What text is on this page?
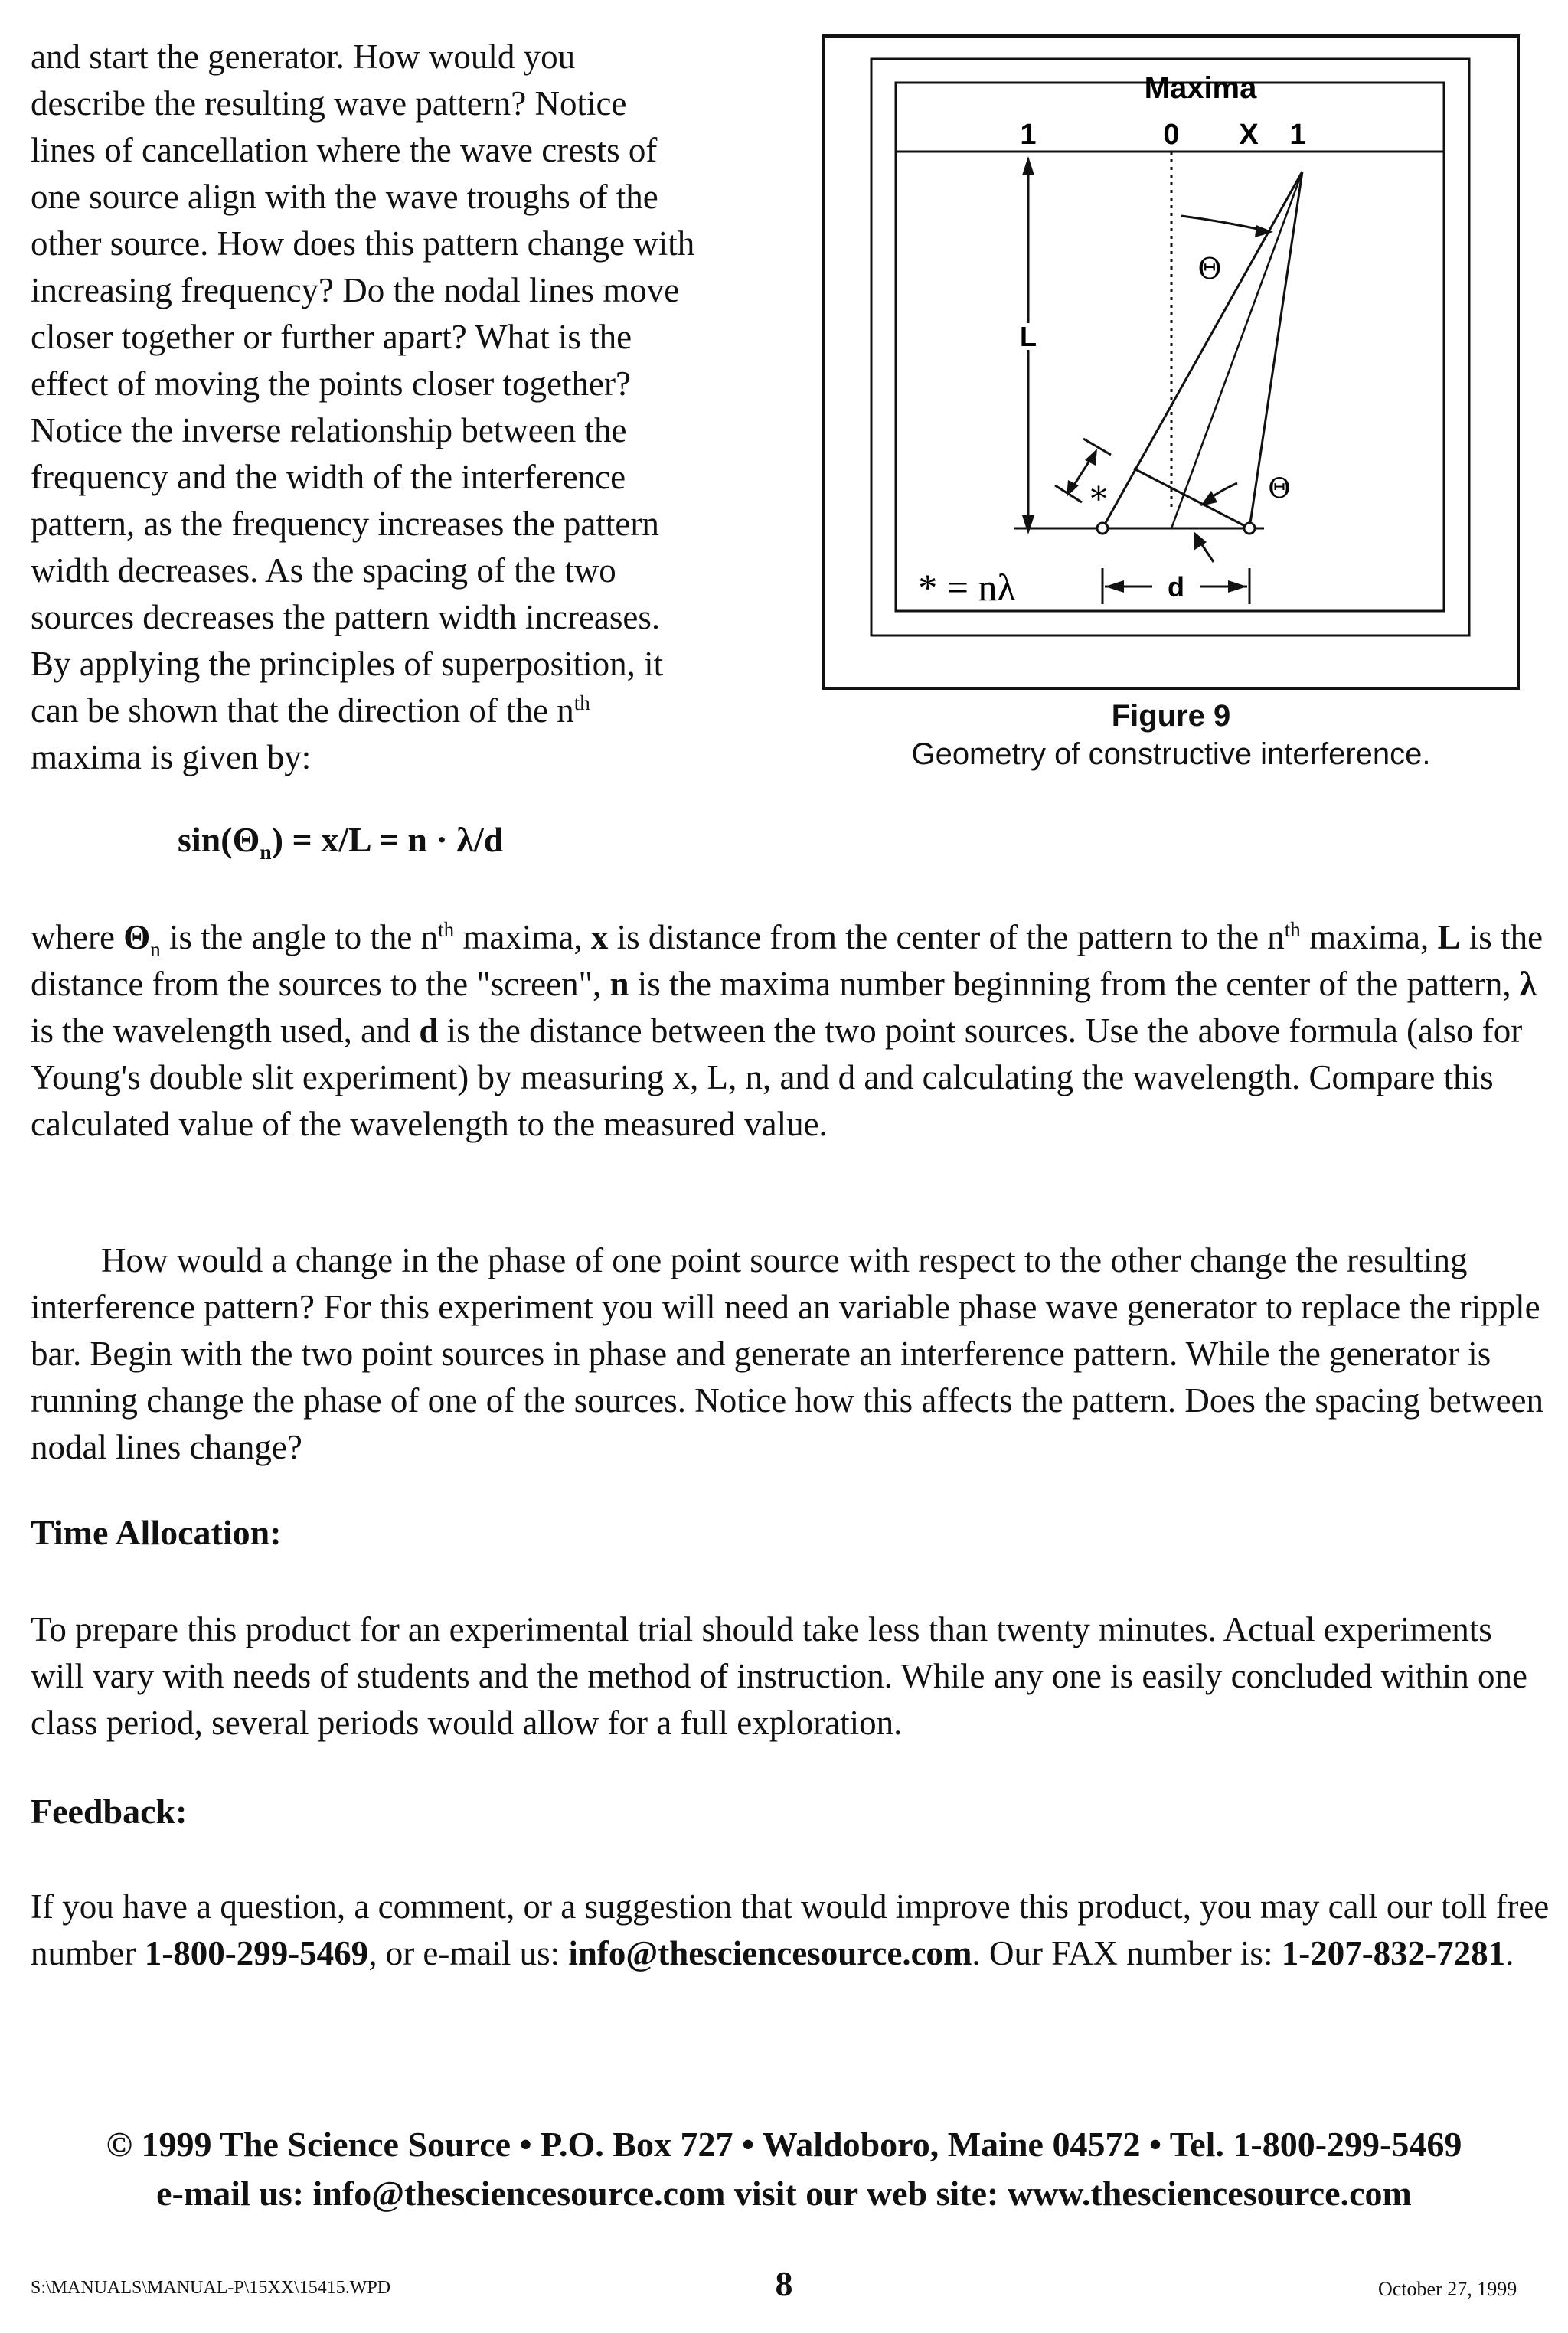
and start the generator. How would you
describe the resulting wave pattern? Notice
lines of cancellation where the wave crests of
one source align with the wave troughs of the
other source. How does this pattern change with
increasing frequency? Do the nodal lines move
closer together or further apart? What is the
effect of moving the points closer together?
Notice the inverse relationship between the
frequency and the width of the interference
pattern, as the frequency increases the pattern
width decreases. As the spacing of the two
sources decreases the pattern width increases.
By applying the principles of superposition, it
can be shown that the direction of the $n^{th}$
maxima is given by:
Maxima
1	0 X 1
L
Θ
Θ
*
* = nλ	d
Figure 9
Geometry of constructive interference.
$\sin(\Theta_n) = x/L = n \cdot \lambda/d$
where $\Theta_n$ is the angle to the $n^{th}$ maxima, x is distance from the center of the pattern to the $n^{th}$ maxima, L is the distance from the sources to the "screen", n is the maxima number beginning from the center of the pattern, λ is the wavelength used, and d is the distance between the two point sources. Use the above formula (also for Young's double slit experiment) by measuring x, L, n, and d and calculating the wavelength. Compare this calculated value of the wavelength to the measured value.
How would a change in the phase of one point source with respect to the other change the resulting interference pattern? For this experiment you will need an variable phase wave generator to replace the ripple bar. Begin with the two point sources in phase and generate an interference pattern. While the generator is running change the phase of one of the sources. Notice how this affects the pattern. Does the spacing between nodal lines change?
Time Allocation:
To prepare this product for an experimental trial should take less than twenty minutes. Actual experiments will vary with needs of students and the method of instruction. While any one is easily concluded within one class period, several periods would allow for a full exploration.
Feedback:
If you have a question, a comment, or a suggestion that would improve this product, you may call our toll free number 1-800-299-5469, or e-mail us: info@thesciencesource.com. Our FAX number is: 1-207-832-7281.
© 1999 The Science Source • P.O. Box 727 • Waldoboro, Maine 04572 • Tel. 1-800-299-5469
e-mail us: info@thesciencesource.com visit our web site: www.thesciencesource.com
S:\MANUALS\MANUAL-P\15XX\15415.WPD	8	October 27, 1999
